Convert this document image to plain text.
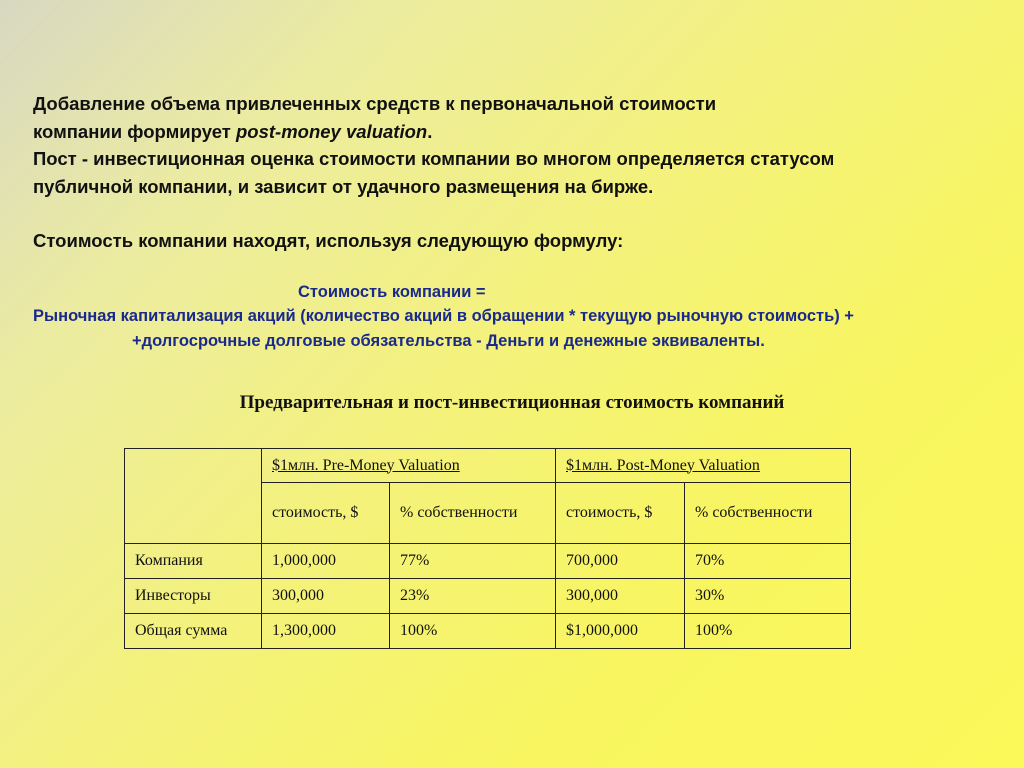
Добавление объема привлеченных средств к первоначальной стоимости

компании формирует post-money valuation.

Пост - инвестиционная оценка стоимости компании во многом определяется статусом

публичной компании, и зависит от удачного размещения на бирже.

Стоимость компании находят, используя следующую формулу:

Стоимость компании =
Рыночная капитализация акций (количество акций в обращении * текущую рыночную стоимость) +
+долгосрочные долговые обязательства - Деньги и денежные эквиваленты.
Предварительная и пост-инвестиционная стоимость компаний
	$1млн. Pre-Money Valuation		$1млн. Post-Money Valuation	
	стоимость, $	% собственности	стоимость, $	% собственности
Компания	1,000,000	77%	700,000	70%
Инвесторы	300,000	23%	300,000	30%
Общая сумма	1,300,000	100%	$1,000,000	100%
